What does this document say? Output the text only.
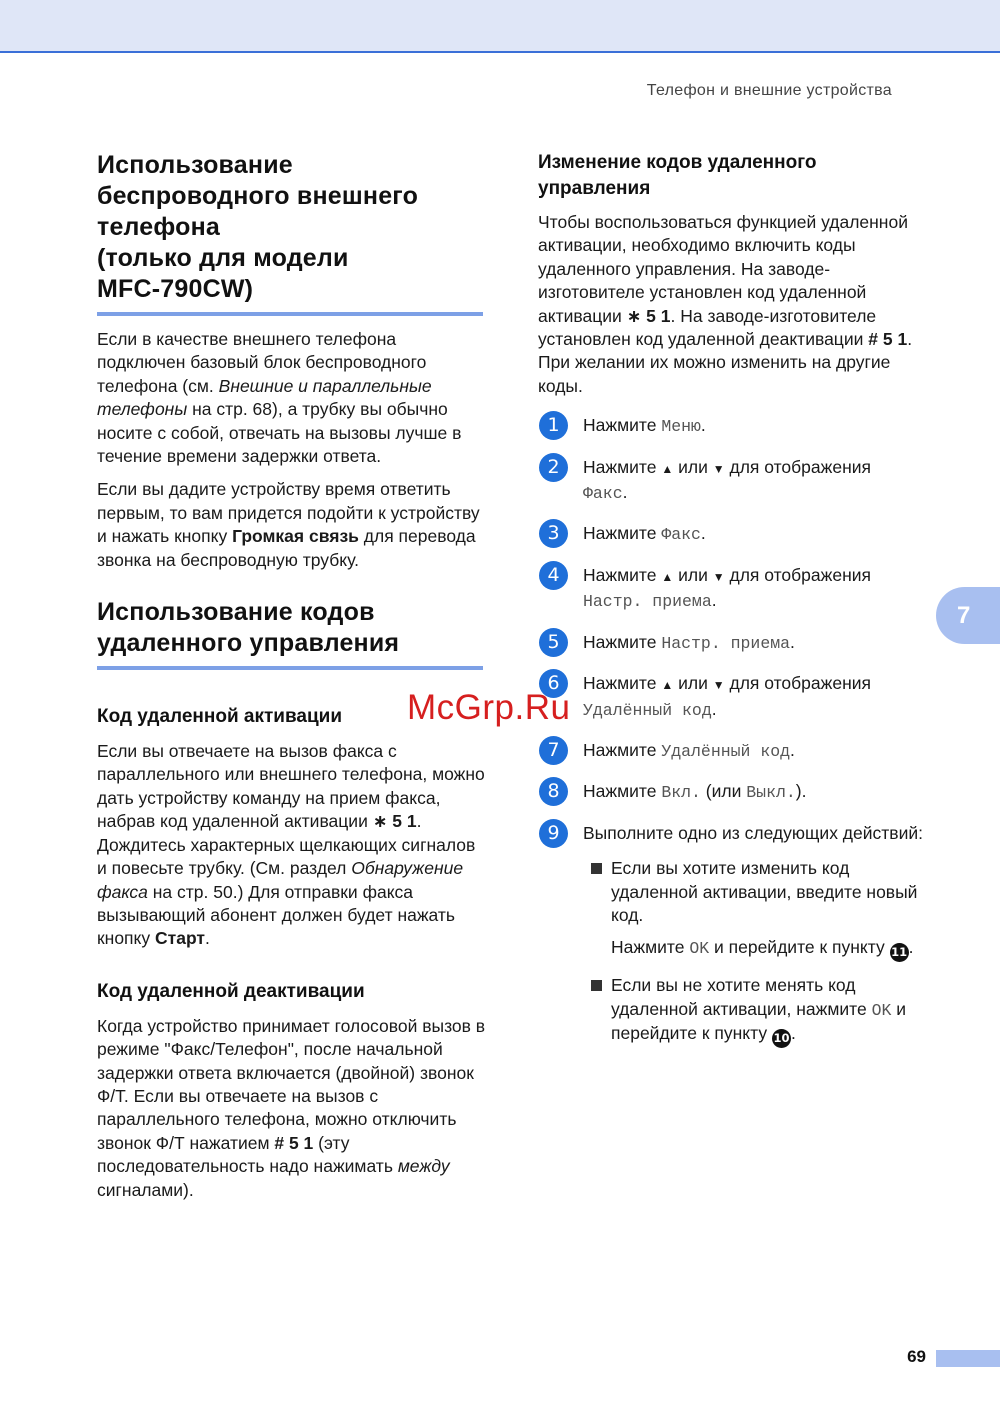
Телефон и внешние устройства
Использование
беспроводного внешнего
телефона
(только для модели
MFC-790CW)

Если в качестве внешнего телефона подключен базовый блок беспроводного телефона (см. Внешние и параллельные телефоны на стр. 68), а трубку вы обычно носите с собой, отвечать на вызовы лучше в течение времени задержки ответа.

Если вы дадите устройству время ответить первым, то вам придется подойти к устройству и нажать кнопку Громкая связь для перевода звонка на беспроводную трубку.

Использование кодов
удаленного управления
Код удаленной активации

Если вы отвечаете на вызов факса с параллельного или внешнего телефона, можно дать устройству команду на прием факса, набрав код удаленной активации ∗ 5 1. Дождитесь характерных щелкающих сигналов и повесьте трубку. (См. раздел Обнаружение факса на стр. 50.) Для отправки факса вызывающий абонент должен будет нажать кнопку Старт.

Код удаленной деактивации

Когда устройство принимает голосовой вызов в режиме "Факс/Телефон", после начальной задержки ответа включается (двойной) звонок Ф/Т. Если вы отвечаете на вызов с параллельного телефона, можно отключить звонок Ф/Т нажатием # 5 1 (эту последовательность надо нажимать между сигналами).

Изменение кодов удаленного
управления

Чтобы воспользоваться функцией удаленной активации, необходимо включить коды удаленного управления. На заводе-изготовителе установлен код удаленной активации ∗ 5 1. На заводе-изготовителе установлен код удаленной деактивации # 5 1. При желании их можно изменить на другие коды.

1	Нажмите Меню.

2	Нажмите ▲ или ▼ для отображения
Факс.

3	Нажмите Факс.

4	Нажмите ▲ или ▼ для отображения
Настр. приема.

5	Нажмите Настр. приема.

6	Нажмите ▲ или ▼ для отображения
Удалённый код.

7	Нажмите Удалённый код.

8	Нажмите Вкл. (или Выкл.).

9	Выполните одно из следующих действий:

Если вы хотите изменить код удаленной активации, введите новый код.

Нажмите OK и перейдите к пункту 11.

Если вы не хотите менять код удаленной активации, нажмите OK и перейдите к пункту 10.

7
McGrp.Ru
69
